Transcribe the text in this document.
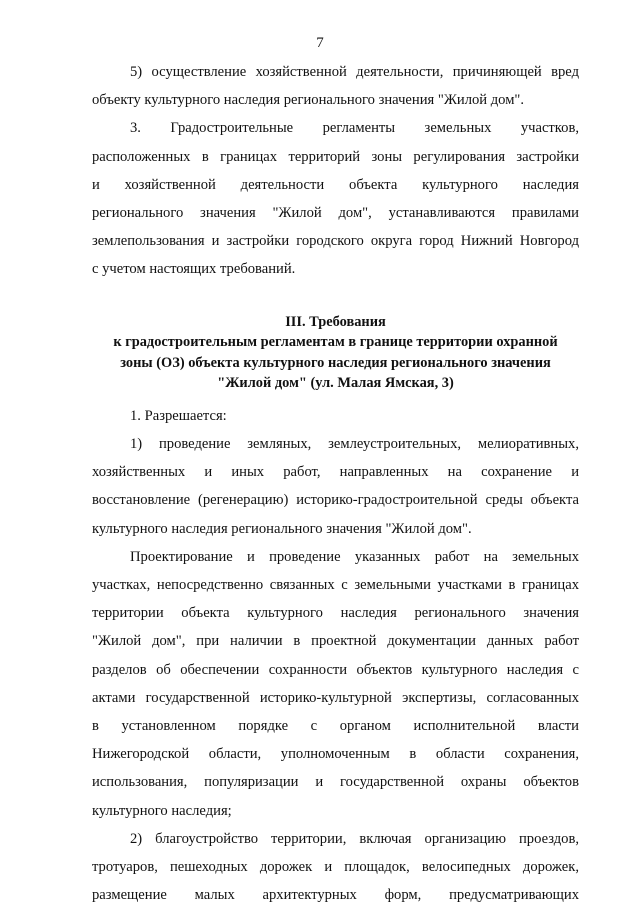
7
5) осуществление хозяйственной деятельности, причиняющей вред
объекту культурного наследия регионального значения "Жилой дом".
3. Градостроительные регламенты земельных участков,
расположенных в границах территорий зоны регулирования застройки
и хозяйственной деятельности объекта культурного наследия
регионального значения "Жилой дом", устанавливаются правилами
землепользования и застройки городского округа город Нижний Новгород
с учетом настоящих требований.
III. Требования
к градостроительным регламентам в границе территории охранной
зоны (ОЗ) объекта культурного наследия регионального значения
"Жилой дом" (ул. Малая Ямская, 3)
1. Разрешается:
1) проведение земляных, землеустроительных, мелиоративных,
хозяйственных и иных работ, направленных на сохранение и
восстановление (регенерацию) историко-градостроительной среды объекта
культурного наследия регионального значения "Жилой дом".
Проектирование и проведение указанных работ на земельных
участках, непосредственно связанных с земельными участками в границах
территории объекта культурного наследия регионального значения
"Жилой дом", при наличии в проектной документации данных работ
разделов об обеспечении сохранности объектов культурного наследия с
актами государственной историко-культурной экспертизы, согласованных
в установленном порядке с органом исполнительной власти
Нижегородской области, уполномоченным в области сохранения,
использования, популяризации и государственной охраны объектов
культурного наследия;
2) благоустройство территории, включая организацию проездов,
тротуаров, пешеходных дорожек и площадок, велосипедных дорожек,
размещение малых архитектурных форм, предусматривающих
